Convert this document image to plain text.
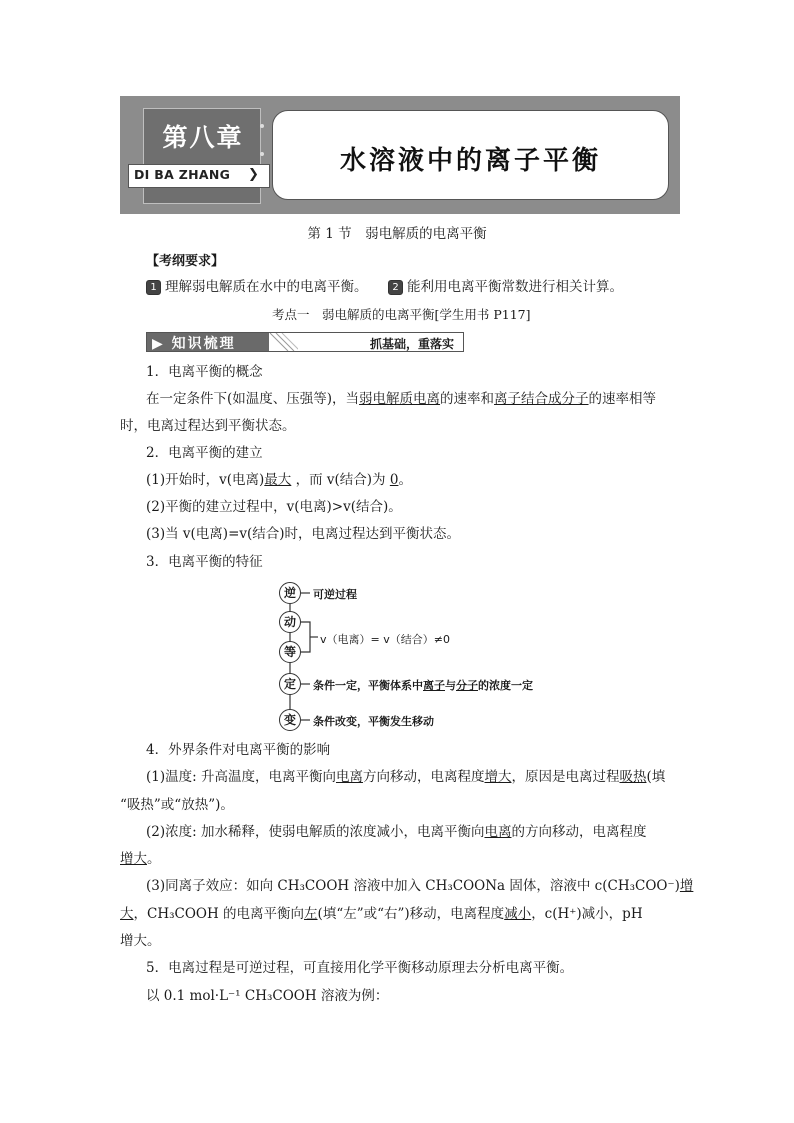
第八章
DI BA ZHANG ❯	水溶液中的离子平衡
第 1 节　弱电解质的电离平衡
【考纲要求】
1 理解弱电解质在水中的电离平衡。	2 能利用电离平衡常数进行相关计算。
考点一　弱电解质的电离平衡[学生用书 P117]
▶ 知识梳理	抓基础，重落实
1．电离平衡的概念
在一定条件下(如温度、压强等)，当弱电解质电离的速率和离子结合成分子的速率相等
时，电离过程达到平衡状态。
2．电离平衡的建立
(1)开始时，v(电离)最大 ，而 v(结合)为 0。
(2)平衡的建立过程中，v(电离)>v(结合)。
(3)当 v(电离)=v(结合)时，电离过程达到平衡状态。
3．电离平衡的特征
逆
动
等
定
变
可逆过程
v（电离）= v（结合）≠0
条件一定，平衡体系中离子与分子的浓度一定
条件改变，平衡发生移动
4．外界条件对电离平衡的影响
(1)温度: 升高温度，电离平衡向电离方向移动，电离程度增大，原因是电离过程吸热(填
“吸热”或“放热”)。
(2)浓度: 加水稀释，使弱电解质的浓度减小，电离平衡向电离的方向移动，电离程度
增大。
(3)同离子效应：如向 CH₃COOH 溶液中加入 CH₃COONa 固体，溶液中 c(CH₃COO⁻)增
大，CH₃COOH 的电离平衡向左(填“左”或“右”)移动，电离程度减小，c(H⁺)减小，pH
增大。
5．电离过程是可逆过程，可直接用化学平衡移动原理去分析电离平衡。
以 0.1 mol·L⁻¹ CH₃COOH 溶液为例：
